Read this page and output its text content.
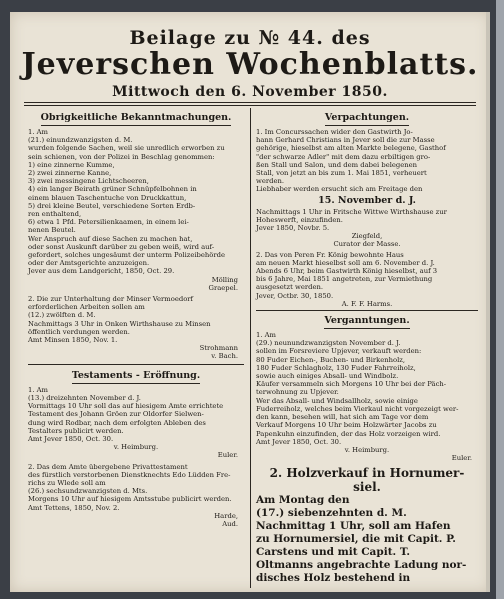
Beilage zu № 44. des
Jeverschen Wochenblatts.
Mittwoch den 6. November 1850.
Obrigkeitliche Bekanntmachungen.

1. Am

(21.) einundzwanzigsten d. M.

wurden folgende Sachen, weil sie unredlich erworben zu

sein schienen, von der Polizei in Beschlag genommen:

1) eine zinnerne Kumme,

2) zwei zinnerne Kanne,

3) zwei messingene Lichtscheeren,

4) ein langer Beirath grüner Schnüpfelbohnen in

einem blauen Taschentuche von Druckkattun,

5) drei kleine Beutel, verschiedene Sorten Erdb-

ren enthaltend,

6) etwa 1 Pfd. Petersilienkaamen, in einem lei-

nenen Beutel.

Wer Anspruch auf diese Sachen zu machen hat,

oder sonst Auskunft darüber zu geben weiß, wird auf-

gefordert, solches ungesäumt der unterm Polizeibehörde

oder der Amtsgerichte anzuzeigen.

Jever aus dem Landgericht, 1850, Oct. 29.

Mölling

Graepel.

2. Die zur Unterhaltung der Minser Vermoedorf

erforderlichen Arbeiten sollen am

(12.) zwölften d. M.

Nachmittags 3 Uhr in Onken Wirthshause zu Minsen

öffentlich verdungen werden.

Amt Minsen 1850, Nov. 1.

Strohmann

v. Bach.

Testaments - Eröffnung.

1. Am

(13.) dreizehnten November d. J.

Vormittags 10 Uhr soll das auf hiesigem Amte errichtete

Testament des Johann Gröen zur Oldorfer Sielwen-

dung wird Rodbar, nach dem erfolgten Ableben des

Testalters publicirt werden.

Amt Jever 1850, Oct. 30.

v. Heimburg.

Euler.

2. Das dem Amte übergebene Privattestament

des fürstlich verstorbenen Dienstknechts Edo Lüdden Fre-

richs zu Wlede soll am

(26.) sechsundzwanzigsten d. Mts.

Morgens 10 Uhr auf hiesigem Amtsstube publicirt werden.

Amt Tettens, 1850, Nov. 2.

Harde,

Aud.

Verpachtungen.

1. Im Concurssachen wider den Gastwirth Jo-

hann Gerhard Christians in Jever soll die zur Masse

gehörige, hieselbst am alten Markte belegene, Gasthof

"der schwarze Adler" mit dem dazu erbiltigen gro-

ßen Stall und Salon, und dem dabei belegenen

Stall, von jetzt an bis zum 1. Mai 1851, verheuert

werden.

Liebhaber werden ersucht sich am Freitage den

15. November d. J.

Nachmittags 1 Uhr in Fritsche Wittwe Wirthshause zur

Hoheswerft, einzufinden.

Jever 1850, Novbr. 5.

Ziegfeld,

Curator der Masse.

2. Das von Peren Fr. König bewohnte Haus

am neuen Markt hieselbst soll am 6. November d. J.

Abends 6 Uhr, beim Gastwirth König hieselbst, auf 3

bis 6 Jahre, Mai 1851 angetreten, zur Vermiethung

ausgesetzt werden.

Jever, Octbr. 30, 1850.

A. F. F. Harms.

Verganntungen.

1. Am

(29.) neunundzwanzigsten November d. J.

sollen im Forsreviere Upjever, verkauft werden:

80 Fuder Eichen-, Buchen- und Birkenholz,

180 Fuder Schlagholz, 130 Fuder Fahrreiholz,

sowie auch einiges Absall- und Windbolz.

Käufer versammeln sich Morgens 10 Uhr bei der Päch-

terwohnung zu Upjever.

Wer das Absall- und Windsallholz, sowie einige

Fuderreiholz, welches beim Vierkaul nicht vorgezeigt wer-

den kann, besehen will, hat sich am Tage vor dem

Verkauf Morgens 10 Uhr beim Holzwärter Jacobs zu

Papenkuhn einzufinden, der das Holz vorzeigen wird.

Amt Jever 1850, Oct. 30.

v. Heimburg.

Euler.

2. Holzverkauf in Hornumer-
siel.

Am Montag den

(17.) siebenzehnten d. M.

Nachmittag 1 Uhr, soll am Hafen

zu Hornumersiel, die mit Capit. P.

Carstens und mit Capit. T.

Oltmanns angebrachte Ladung nor-

disches Holz bestehend in
